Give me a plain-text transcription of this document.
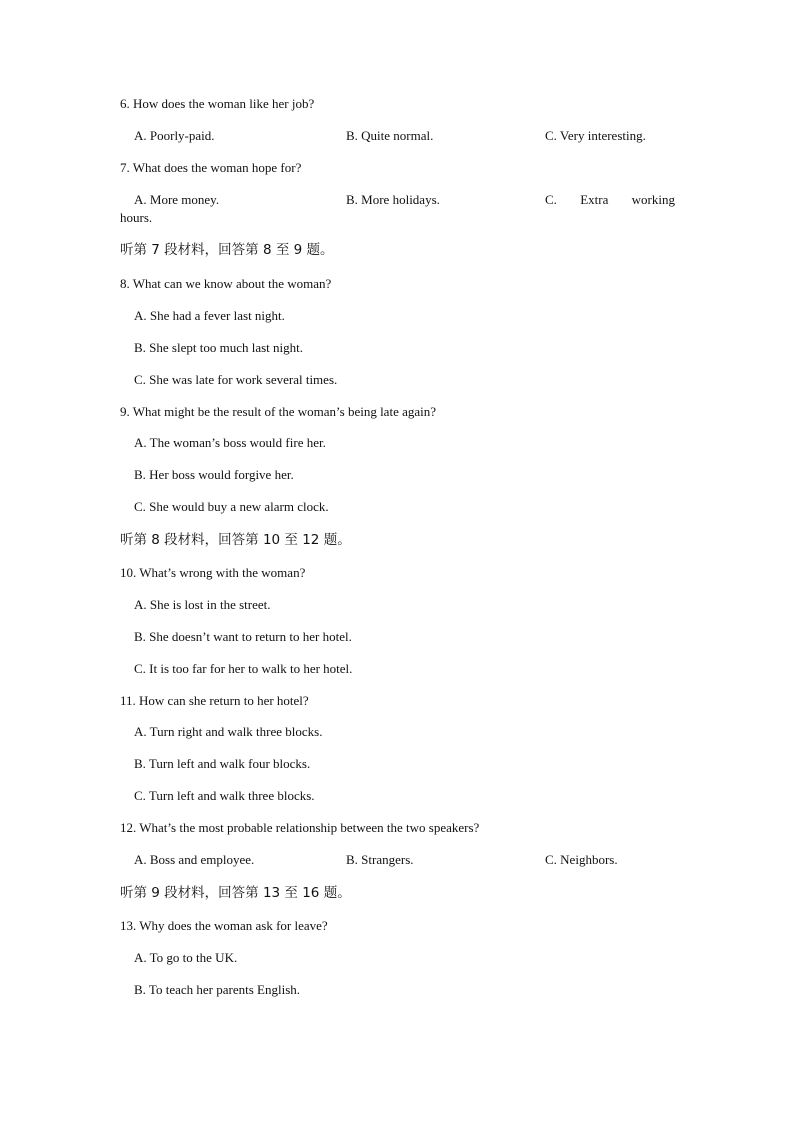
6. How does the woman like her job?
A. Poorly-paid.	B. Quite normal.	C. Very interesting.
7. What does the woman hope for?
A. More money.	B. More holidays.	C. Extra working
hours.
听第 7 段材料，回答第 8 至 9 题。
8. What can we know about the woman?
A. She had a fever last night.
B. She slept too much last night.
C. She was late for work several times.
9. What might be the result of the woman’s being late again?
A. The woman’s boss would fire her.
B. Her boss would forgive her.
C. She would buy a new alarm clock.
听第 8 段材料，回答第 10 至 12 题。
10. What’s wrong with the woman?
A. She is lost in the street.
B. She doesn’t want to return to her hotel.
C. It is too far for her to walk to her hotel.
11. How can she return to her hotel?
A. Turn right and walk three blocks.
B. Turn left and walk four blocks.
C. Turn left and walk three blocks.
12. What’s the most probable relationship between the two speakers?
A. Boss and employee.	B. Strangers.	C. Neighbors.
听第 9 段材料，回答第 13 至 16 题。
13. Why does the woman ask for leave?
A. To go to the UK.
B. To teach her parents English.
